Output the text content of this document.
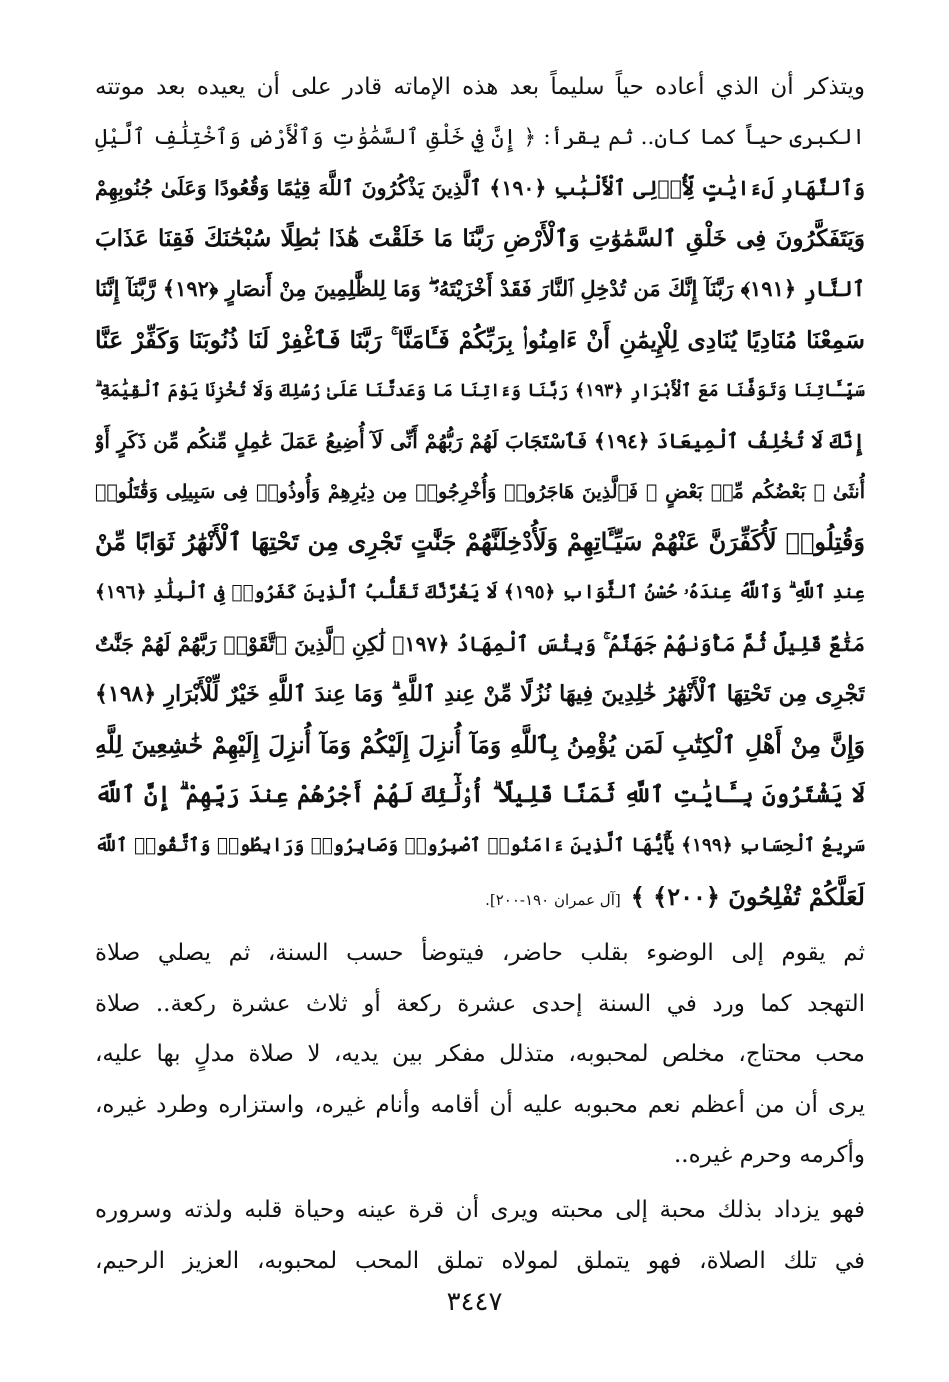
ويتذكر أن الذي أعاده حياً سليماً بعد هذه الإماته قادر على أن يعيده بعد موتته
الكبرى حياً كما كان.. ثم يقرأ: ﴿ إِنَّ فِي خَلْقِ ٱلسَّمَٰوَٰتِ وَٱلْأَرْضِ وَٱخْتِلَٰفِ ٱلَّيْلِ
وَٱلنَّهَارِ لَءَايَٰتٍ لِّأُو۟لِى ٱلْأَلْبَٰبِ ﴿١٩٠﴾ ٱلَّذِينَ يَذْكُرُونَ ٱللَّهَ قِيَٰمًا وَقُعُودًا وَعَلَىٰ جُنُوبِهِمْ
وَيَتَفَكَّرُونَ فِى خَلْقِ ٱلسَّمَٰوَٰتِ وَٱلْأَرْضِ رَبَّنَا مَا خَلَقْتَ هَٰذَا بَٰطِلًا سُبْحَٰنَكَ فَقِنَا عَذَابَ
ٱلنَّارِ ﴿١٩١﴾ رَبَّنَآ إِنَّكَ مَن تُدْخِلِ ٱلنَّارَ فَقَدْ أَخْزَيْتَهُۥ ۖ وَمَا لِلظَّٰلِمِينَ مِنْ أَنصَارٍ ﴿١٩٢﴾ رَّبَّنَآ إِنَّنَا
سَمِعْنَا مُنَادِيًا يُنَادِى لِلْإِيمَٰنِ أَنْ ءَامِنُوا۟ بِرَبِّكُمْ فَـَٔامَنَّا ۚ رَبَّنَا فَٱغْفِرْ لَنَا ذُنُوبَنَا وَكَفِّرْ عَنَّا
سَيِّـَٔاتِنَا وَتَوَفَّنَا مَعَ ٱلْأَبْرَارِ ﴿١٩٣﴾ رَبَّنَا وَءَاتِنَا مَا وَعَدتَّنَا عَلَىٰ رُسُلِكَ وَلَا تُخْزِنَا يَوْمَ ٱلْقِيَٰمَةِ ۗ
إِنَّكَ لَا تُخْلِفُ ٱلْمِيعَادَ ﴿١٩٤﴾ فَٱسْتَجَابَ لَهُمْ رَبُّهُمْ أَنِّى لَآ أُضِيعُ عَمَلَ عَٰمِلٍ مِّنكُم مِّن ذَكَرٍ أَوْ
أُنثَىٰ ۖ بَعْضُكُم مِّنۢ بَعْضٍ ۖ فَٱلَّذِينَ هَاجَرُوا۟ وَأُخْرِجُوا۟ مِن دِيَٰرِهِمْ وَأُوذُوا۟ فِى سَبِيلِى وَقَٰتَلُوا۟
وَقُتِلُوا۟ لَأُكَفِّرَنَّ عَنْهُمْ سَيِّـَٔاتِهِمْ وَلَأُدْخِلَنَّهُمْ جَنَّٰتٍ تَجْرِى مِن تَحْتِهَا ٱلْأَنْهَٰرُ ثَوَابًا مِّنْ
عِندِ ٱللَّهِ ۗ وَٱللَّهُ عِندَهُۥ حُسْنُ ٱلثَّوَابِ ﴿١٩٥﴾ لَا يَغُرَّنَّكَ تَقَلُّبُ ٱلَّذِينَ كَفَرُوا۟ فِى ٱلْبِلَٰدِ ﴿١٩٦﴾
مَتَٰعٌ قَلِيلٌ ثُمَّ مَأْوَىٰهُمْ جَهَنَّمُ ۚ وَبِئْسَ ٱلْمِهَادُ ﴿١٩٧﴾ لَٰكِنِ ٱلَّذِينَ ٱتَّقَوْا۟ رَبَّهُمْ لَهُمْ جَنَّٰتٌ
تَجْرِى مِن تَحْتِهَا ٱلْأَنْهَٰرُ خَٰلِدِينَ فِيهَا نُزُلًا مِّنْ عِندِ ٱللَّهِ ۗ وَمَا عِندَ ٱللَّهِ خَيْرٌ لِّلْأَبْرَارِ ﴿١٩٨﴾
وَإِنَّ مِنْ أَهْلِ ٱلْكِتَٰبِ لَمَن يُؤْمِنُ بِٱللَّهِ وَمَآ أُنزِلَ إِلَيْكُمْ وَمَآ أُنزِلَ إِلَيْهِمْ خَٰشِعِينَ لِلَّهِ
لَا يَشْتَرُونَ بِـَٔايَٰتِ ٱللَّهِ ثَمَنًا قَلِيلًا ۗ أُو۟لَٰٓئِكَ لَهُمْ أَجْرُهُمْ عِندَ رَبِّهِمْ ۗ إِنَّ ٱللَّهَ
سَرِيعُ ٱلْحِسَابِ ﴿١٩٩﴾ يَٰٓأَيُّهَا ٱلَّذِينَ ءَامَنُوا۟ ٱصْبِرُوا۟ وَصَابِرُوا۟ وَرَابِطُوا۟ وَٱتَّقُوا۟ ٱللَّهَ
لَعَلَّكُمْ تُفْلِحُونَ ﴿٢٠٠﴾ ﴾[آل عمران ١٩٠-٢٠٠].
ثم يقوم إلى الوضوء بقلب حاضر، فيتوضأ حسب السنة، ثم يصلي صلاة
التهجد كما ورد في السنة إحدى عشرة ركعة أو ثلاث عشرة ركعة.. صلاة
محب محتاج، مخلص لمحبوبه، متذلل مفكر بين يديه، لا صلاة مدلٍ بها عليه،
يرى أن من أعظم نعم محبوبه عليه أن أقامه وأنام غيره، واستزاره وطرد غيره،
وأكرمه وحرم غيره..
فهو يزداد بذلك محبة إلى محبته ويرى أن قرة عينه وحياة قلبه ولذته وسروره
في تلك الصلاة، فهو يتملق لمولاه تملق المحب لمحبوبه، العزيز الرحيم،
٣٤٤٧
